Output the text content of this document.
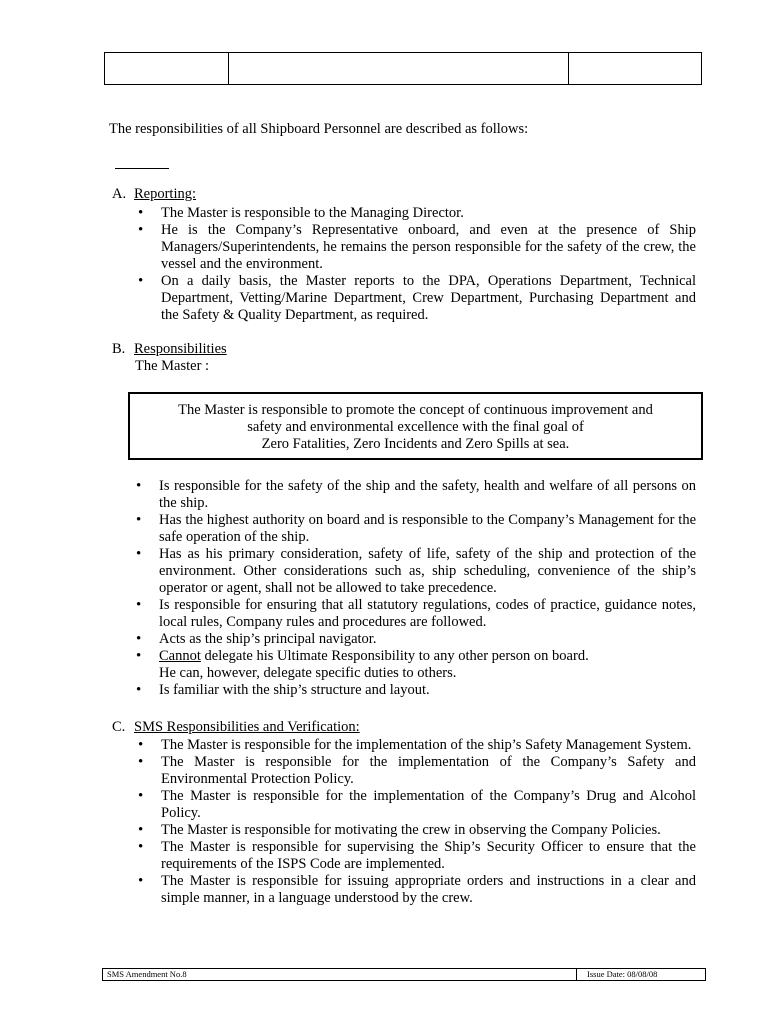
The responsibilities of all Shipboard Personnel are described as follows:
A. Reporting:
• The Master is responsible to the Managing Director.
• He is the Company’s Representative onboard, and even at the presence of Ship Managers/Superintendents, he remains the person responsible for the safety of the crew, the vessel and the environment.
• On a daily basis, the Master reports to the DPA, Operations Department, Technical Department, Vetting/Marine Department, Crew Department, Purchasing Department and the Safety & Quality Department, as required.
B. Responsibilities
The Master :
The Master is responsible to promote the concept of continuous improvement and
safety and environmental excellence with the final goal of
Zero Fatalities, Zero Incidents and Zero Spills at sea.
• Is responsible for the safety of the ship and the safety, health and welfare of all persons on the ship.
• Has the highest authority on board and is responsible to the Company’s Management for the safe operation of the ship.
• Has as his primary consideration, safety of life, safety of the ship and protection of the environment. Other considerations such as, ship scheduling, convenience of the ship’s operator or agent, shall not be allowed to take precedence.
• Is responsible for ensuring that all statutory regulations, codes of practice, guidance notes, local rules, Company rules and procedures are followed.
• Acts as the ship’s principal navigator.
• Cannot delegate his Ultimate Responsibility to any other person on board.
He can, however, delegate specific duties to others.
• Is familiar with the ship’s structure and layout.
C. SMS Responsibilities and Verification:
• The Master is responsible for the implementation of the ship’s Safety Management System.
• The Master is responsible for the implementation of the Company’s Safety and Environmental Protection Policy.
• The Master is responsible for the implementation of the Company’s Drug and Alcohol Policy.
• The Master is responsible for motivating the crew in observing the Company Policies.
• The Master is responsible for supervising the Ship’s Security Officer to ensure that the requirements of the ISPS Code are implemented.
• The Master is responsible for issuing appropriate orders and instructions in a clear and simple manner, in a language understood by the crew.
SMS Amendment No.8	Issue Date: 08/08/08
